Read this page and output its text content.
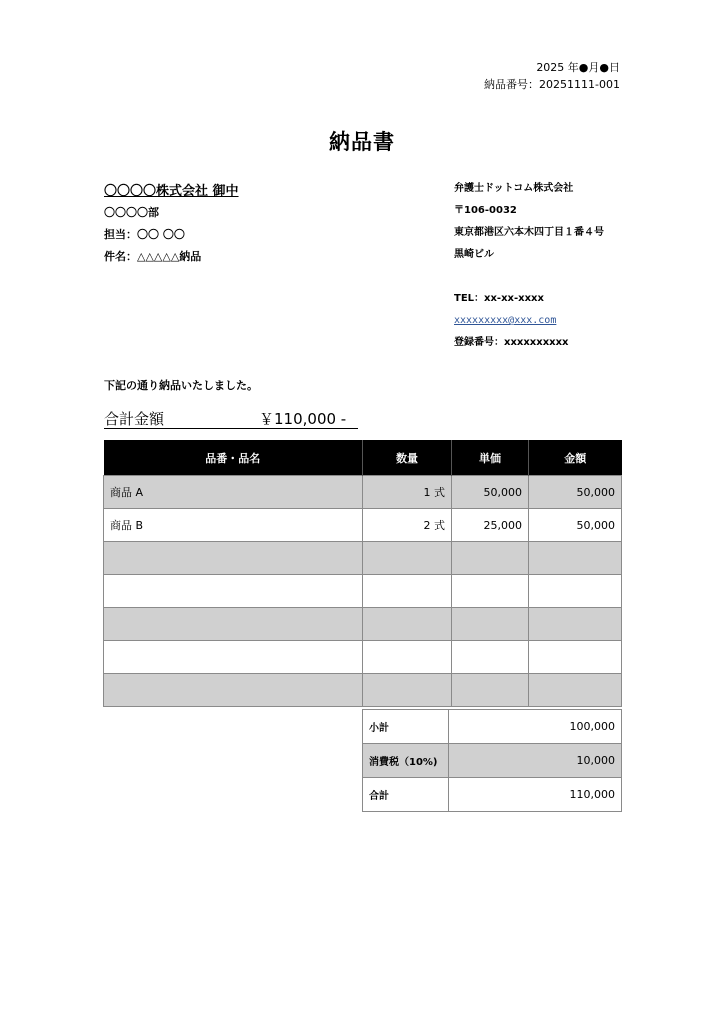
2025 年●月●日
納品番号：20251111-001
納品書
〇〇〇〇株式会社 御中
〇〇〇〇部
担当：〇〇 〇〇
件名：△△△△△納品
弁護士ドットコム株式会社
〒106-0032
東京都港区六本木四丁目１番４号
黒崎ビル
TEL：xx-xx-xxxx
xxxxxxxxx@xxx.com
登録番号：xxxxxxxxxx
下記の通り納品いたしました。
合計金額	￥110,000 -
品番・品名	数量	単価	金額
商品 A	1 式	50,000	50,000
商品 B	2 式	25,000	50,000

小計	100,000
消費税（10%)	10,000
合計	110,000
